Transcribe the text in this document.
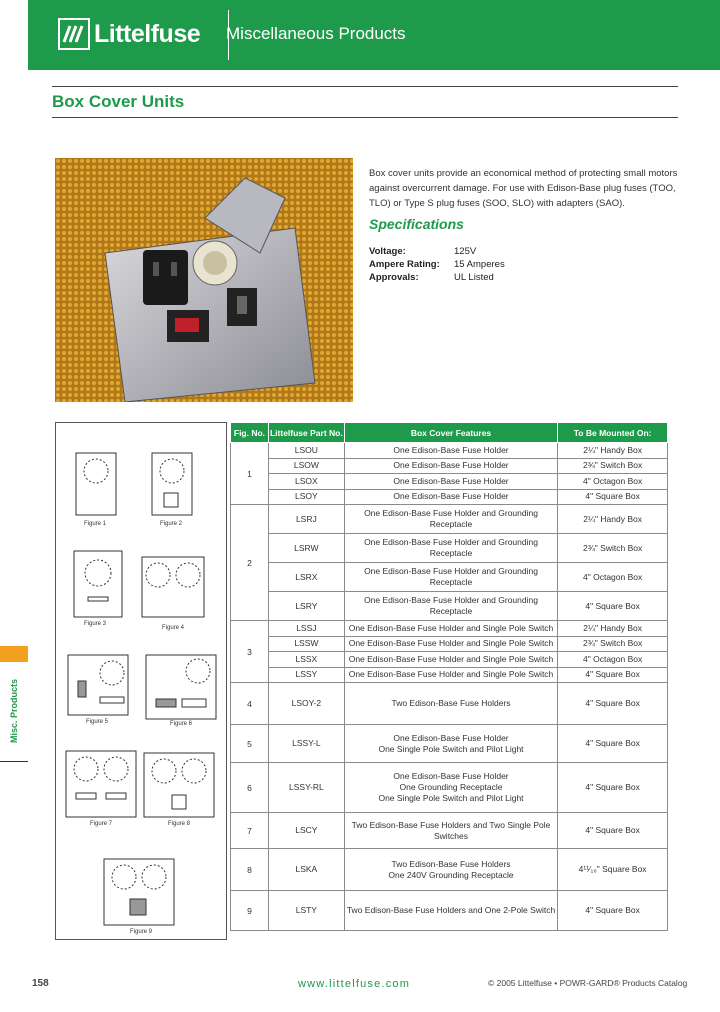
Littelfuse Miscellaneous Products
Box Cover Units
Box cover units provide an economical method of protecting small motors against overcurrent damage. For use with Edison-Base plug fuses (TOO, TLO) or Type S plug fuses (SOO, SLO) with adapters (SAO).
Specifications
Voltage:	125V
Ampere Rating:	15 Amperes
Approvals:	UL Listed
Figure 1	Figure 2
Figure 3
Figure 4
Figure 5	Figure 6
Figure 7	Figure 8
Figure 9
Fig. No.	Littelfuse Part No.	Box Cover Features	To Be Mounted On:
1	LSOU	One Edison-Base Fuse Holder	2¼" Handy Box
	LSOW	One Edison-Base Fuse Holder	2¾" Switch Box
	LSOX	One Edison-Base Fuse Holder	4" Octagon Box
	LSOY	One Edison-Base Fuse Holder	4" Square Box
2	LSRJ	One Edison-Base Fuse Holder and Grounding Receptacle	2¼" Handy Box
	LSRW	One Edison-Base Fuse Holder and Grounding Receptacle	2¾" Switch Box
	LSRX	One Edison-Base Fuse Holder and Grounding Receptacle	4" Octagon Box
	LSRY	One Edison-Base Fuse Holder and Grounding Receptacle	4" Square Box
3	LSSJ	One Edison-Base Fuse Holder and Single Pole Switch	2¼" Handy Box
	LSSW	One Edison-Base Fuse Holder and Single Pole Switch	2¾" Switch Box
	LSSX	One Edison-Base Fuse Holder and Single Pole Switch	4" Octagon Box
	LSSY	One Edison-Base Fuse Holder and Single Pole Switch	4" Square Box
4	LSOY-2	Two Edison-Base Fuse Holders	4" Square Box
5	LSSY-L	One Edison-Base Fuse Holder
One Single Pole Switch and Pilot Light	4" Square Box
6	LSSY-RL	One Edison-Base Fuse Holder
One Grounding Receptacle
One Single Pole Switch and Pilot Light	4" Square Box
7	LSCY	Two Edison-Base Fuse Holders and Two Single Pole Switches	4" Square Box
8	LSKA	Two Edison-Base Fuse Holders
One 240V Grounding Receptacle	4¹¹⁄₁₆" Square Box
9	LSTY	Two Edison-Base Fuse Holders and One 2-Pole Switch	4" Square Box
Misc. Products
158	www.littelfuse.com	© 2005 Littelfuse • POWR-GARD® Products Catalog
